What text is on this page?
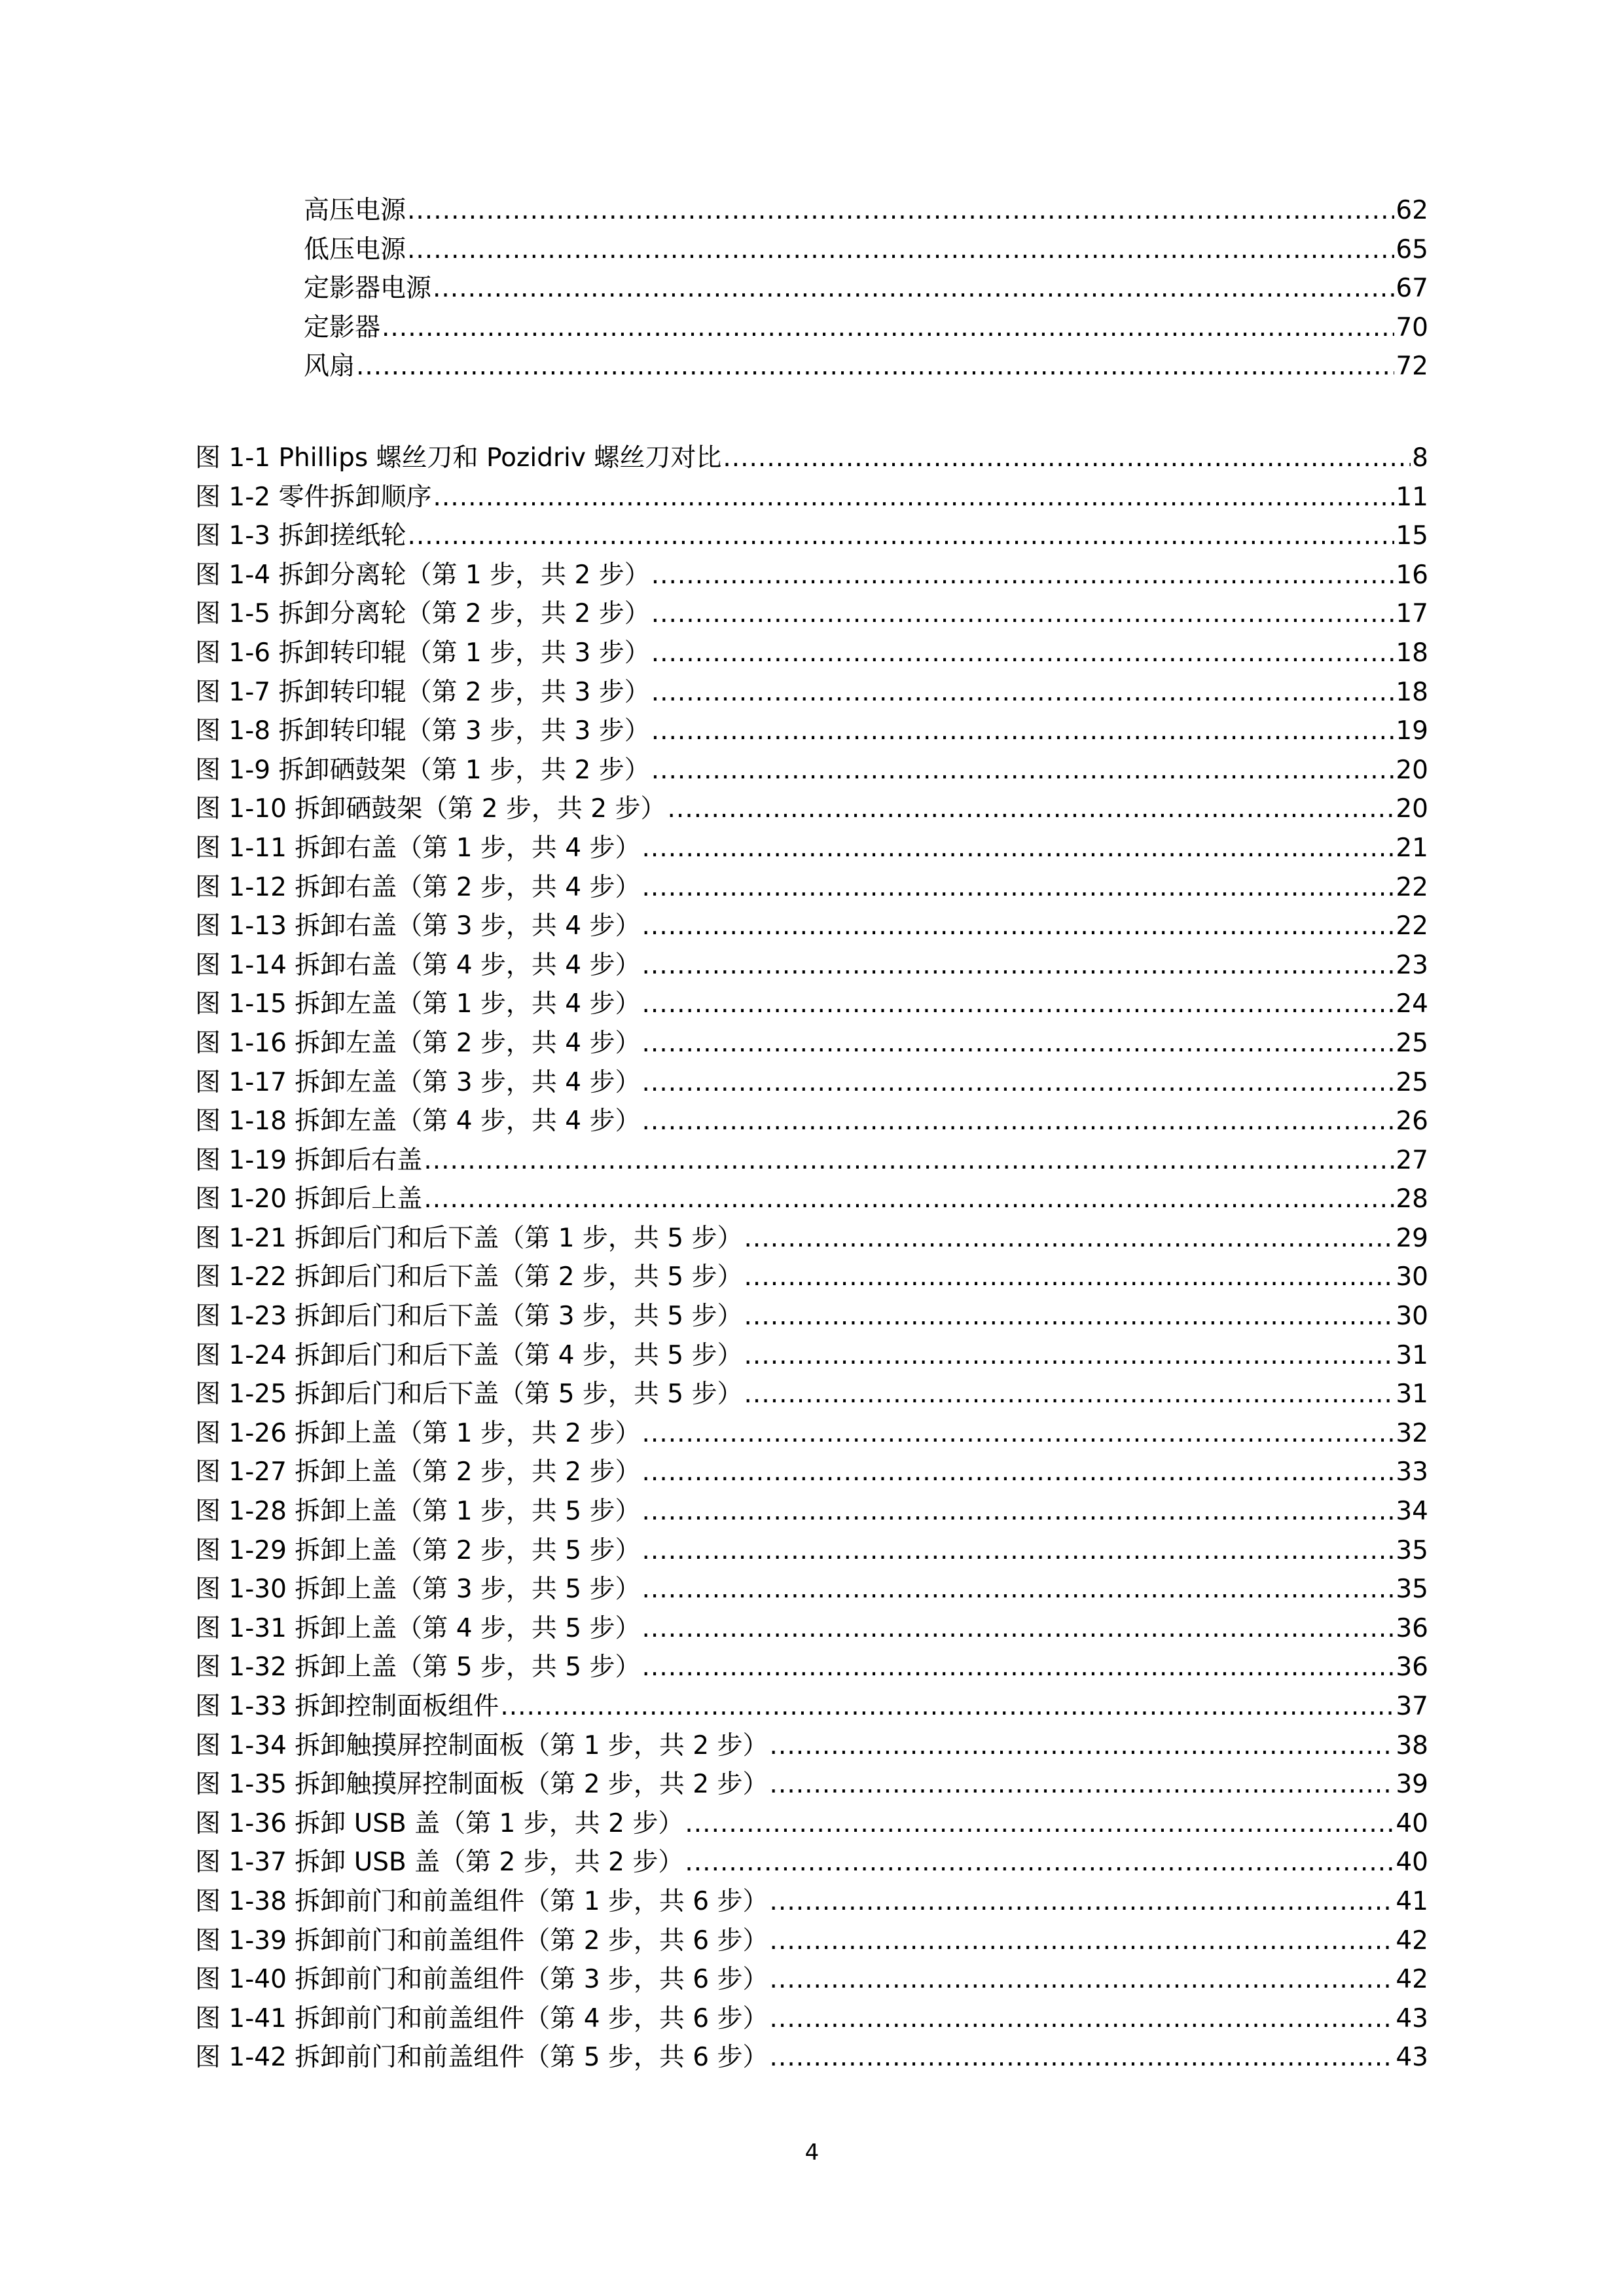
高压电源 .....	62
低压电源 .....	65
定影器电源 .....	67
定影器 .....	70
风扇 .....	72
图 1-1 Phillips 螺丝刀和 Pozidriv 螺丝刀对比 .....	8
图 1-2 零件拆卸顺序 .....	11
图 1-3 拆卸搓纸轮 .....	15
图 1-4 拆卸分离轮（第 1 步，共 2 步） .....	16
图 1-5 拆卸分离轮（第 2 步，共 2 步） .....	17
图 1-6 拆卸转印辊（第 1 步，共 3 步） .....	18
图 1-7 拆卸转印辊（第 2 步，共 3 步） .....	18
图 1-8 拆卸转印辊（第 3 步，共 3 步） .....	19
图 1-9 拆卸硒鼓架（第 1 步，共 2 步） .....	20
图 1-10 拆卸硒鼓架（第 2 步，共 2 步） .....	20
图 1-11 拆卸右盖（第 1 步，共 4 步） .....	21
图 1-12 拆卸右盖（第 2 步，共 4 步） .....	22
图 1-13 拆卸右盖（第 3 步，共 4 步） .....	22
图 1-14 拆卸右盖（第 4 步，共 4 步） .....	23
图 1-15 拆卸左盖（第 1 步，共 4 步） .....	24
图 1-16 拆卸左盖（第 2 步，共 4 步） .....	25
图 1-17 拆卸左盖（第 3 步，共 4 步） .....	25
图 1-18 拆卸左盖（第 4 步，共 4 步） .....	26
图 1-19 拆卸后右盖 .....	27
图 1-20 拆卸后上盖 .....	28
图 1-21 拆卸后门和后下盖（第 1 步，共 5 步） .....	29
图 1-22 拆卸后门和后下盖（第 2 步，共 5 步） .....	30
图 1-23 拆卸后门和后下盖（第 3 步，共 5 步） .....	30
图 1-24 拆卸后门和后下盖（第 4 步，共 5 步） .....	31
图 1-25 拆卸后门和后下盖（第 5 步，共 5 步） .....	31
图 1-26 拆卸上盖（第 1 步，共 2 步） .....	32
图 1-27 拆卸上盖（第 2 步，共 2 步） .....	33
图 1-28 拆卸上盖（第 1 步，共 5 步） .....	34
图 1-29 拆卸上盖（第 2 步，共 5 步） .....	35
图 1-30 拆卸上盖（第 3 步，共 5 步） .....	35
图 1-31 拆卸上盖（第 4 步，共 5 步） .....	36
图 1-32 拆卸上盖（第 5 步，共 5 步） .....	36
图 1-33 拆卸控制面板组件 .....	37
图 1-34 拆卸触摸屏控制面板（第 1 步，共 2 步） .....	38
图 1-35 拆卸触摸屏控制面板（第 2 步，共 2 步） .....	39
图 1-36 拆卸 USB 盖（第 1 步，共 2 步） .....	40
图 1-37 拆卸 USB 盖（第 2 步，共 2 步） .....	40
图 1-38 拆卸前门和前盖组件（第 1 步，共 6 步） .....	41
图 1-39 拆卸前门和前盖组件（第 2 步，共 6 步） .....	42
图 1-40 拆卸前门和前盖组件（第 3 步，共 6 步） .....	42
图 1-41 拆卸前门和前盖组件（第 4 步，共 6 步） .....	43
图 1-42 拆卸前门和前盖组件（第 5 步，共 6 步） .....	43
4
